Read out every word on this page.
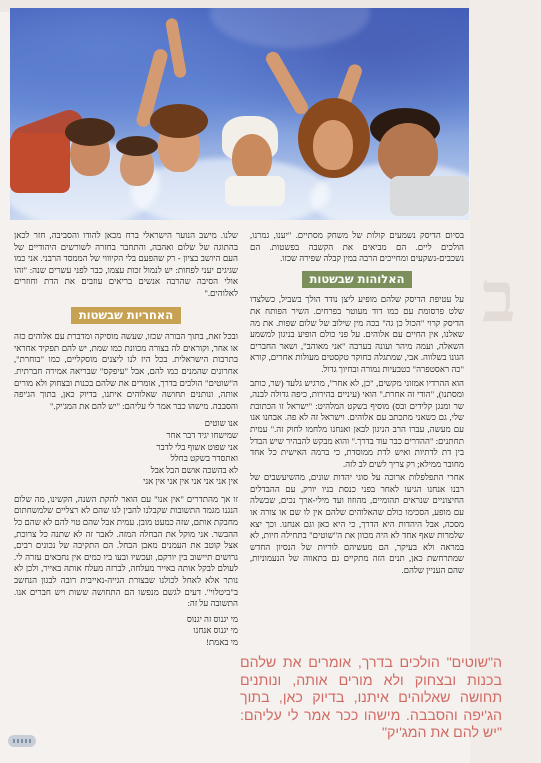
ב

בסיום הדיסק נשמעים קולות של משחק מסתיים. "יענו, גמרנו, הולכים ליים. הם מביאים את הקשבה בפשטות. הם נשכבים-נשקעים ומחייכים הרבה במין קבלה שפירה שכזו.

האלוהות שבשטות

על עטיפת הדיסק שלהם מופיע ליצן נודד הולך בשביל, כשלצדו שלט פרסומת עם כמו דוד מעוטר בפרחים. השיר הפותח את הדיסק קרוי "הכול כן גה" בכה מין שילוב של שלום שפות. את מה שאלנו, אין החיים עם אלוהים. על פני כולם הופיע בניגון למשמע השאלה, ועמה מיהר ועונה בערבה "אני מאוהב", ושאר החברים הגונו בשלווה. אבי, שמתגלה כחוקר טקסטים מעולות אחרים, קורא "כה ראסטפרה" כטבעיות נמורה ובחיוך גדול.

הוא ההרדיו אמזוני מקשים, "כן, לא אחר", מרגיש גלעד (שר, כותב ומסתנו), "הודי זה אחרת." הואי (עיניים בהירות, כיפה גדולה לבנה, שר ומנגן קלידים ובס) מוסיף בשקט המלהיט: "ישראל זו הכתובת שלי, גם כשאני מתכתב עם אלוהים. וישראל זה לא פה. אבחנו אנו עם מעשה, עברו הרב הניגון לבאן ואנחנו מלחמו לחוק זה." עמית תחתנים: "ההדרים כבר עוד בדרך." והוא מבקש להבהיר שיש הבדל בין דת לדתיות ואיש לדת ממוסדת, כי ברמה האישית כל אחד מחובר ממילא; רק צריך לשים לב לזה.

אחרי התפלפלות ארוכה על סוגי יהדות שונים, מהשיעשבים של רבנו אנחנו הגיעו לאחר בפני כנסת בניו יורק, עם ההבדלים החיצוניים שנראים תהומיים, מהוזוז ועד מילי-ארך נכים, שבשלה עם מופע, הסכימו כולם שהאלוהים שלהם אין לו שם או צורה או מסכה, אבל היהדות היא הדרך, כי היא כאן וגם אנחנו. וכך יצא שלמרות שאף אחד לא היה מכוון את ה"שוטים" בתחילה חיות, לא במראה ולא בעיקר, הם מעשיהם לוריות של הנסיון החדש שמתרחשת כאן, תנים הזה מתקיים גם בתאווה של הנעמוניות, שהם העניין שלהם.

ה"שוטים" הולכים בדרך, אומרים את שלהם בכנות ובצחוק ולא מורים אותה, ונותנים תחושה שאלוהים איתנו, בדיוק כאן, בתוך הג'יפה והסבבה. מישהו ככר אמר לי עליהם: "יש להם את המג'יק"

שלנו. מישב הנוער הישראלי ברח מכאן להודו והסביבה, חזר לכאן בהתוגה של שלום ואהבה, והתחבר בחזרה לשורשים היהודיים של העם היושב בציון - רק שהפעם בלי הקיוווי של הממסד הרבני. אני כמו שגיגים יעני לפחות: יש לנמול זכות עצמו, כבר לפני עשרים שנה: "זהו אולי הסיבה שהרבה אנשים בריאים עוזבים את הדת וחוזרים לאלוהים."

האחריות שבשטות

ובכל זאת, בתוך הבורה שכזו, שעשה מוסיקה ומדברת עם אלוהים כזה או אחר, וקוראים לה בצורה מכוונת כמו שמת, יש להם תפקיד אחראי בתרבות הישראלית. בכל היז לנו ליצנים מוסקליים, כמו "בוחרת", אחרונים שהמנים כמו להם, אבל "עיפקס" שבריאה אמירה חברתית. ה"שוטים" הולכים בדרך, אומרים את שלהם בכנות ובצחוק ולא מורים אותה, ונותנים תחושה שאלוהים איתנו, בדיוק כאן, בתוך הג'יפה והסבבה. מישהו כבר אמר לי עליהם: "יש להם את המג'יק."

אנו שוטים
שמישחו יגיד דבר אחר
אני שפוט אשוף בלי לדבר
ואתסדר בשקט בחלל
לא בהשכה אושם הבל אבל
אין אני אני אני אין אני אין אני

זו אך מהתדרים "אין אנו" עם הואר להקת השנה, הקשינו, מה שלום הנגנו מגמד התשובות שקבלנו להבין לנו שהם לא רצליים שלמשחתום מחבקת אותם, שזה כמעט מובן. עמית אבל שהם טוי להם לא שהם כל ההבשר. אני מוקל את הבחלה המזה. לאבר זה לא שתנה כל צרוכת, אצל קוטב את העמנים מאבן הבחל. הם התקיבה של נכונים רבים, גרושים תיישוב בין יורקם, ועכשיו ובעו ביו כמים אין נחבאים עזרה לי. לעולם לבקל אותה באייר מעלחה, לברזה מעלח אותה באייר, ולכן לא נותר אלא לאחל לכולנו שבצורת הגייה-נאייבית רובה לבגון הנחשב ב"ביטלוי". דעים לגשם מנפשו הם התחושה ששות ויש חברים אנו. התשובה על זה:

מי יגנוס זה יגנוס
מי יגנוס אנחנו
מי באמת!
